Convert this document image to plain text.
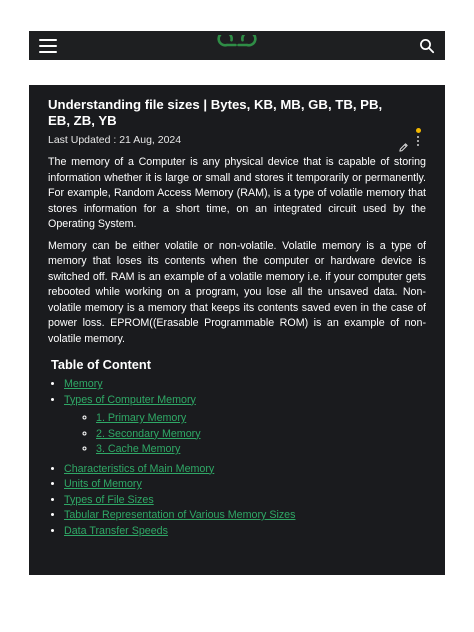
Understanding file sizes | Bytes, KB, MB, GB, TB, PB, EB, ZB, YB
Last Updated : 21 Aug, 2024

The memory of a Computer is any physical device that is capable of storing information whether it is large or small and stores it temporarily or permanently. For example, Random Access Memory (RAM), is a type of volatile memory that stores information for a short time, on an integrated circuit used by the Operating System.

Memory can be either volatile or non-volatile. Volatile memory is a type of memory that loses its contents when the computer or hardware device is switched off. RAM is an example of a volatile memory i.e. if your computer gets rebooted while working on a program, you lose all the unsaved data. Non-volatile memory is a memory that keeps its contents saved even in the case of power loss. EPROM((Erasable Programmable ROM) is an example of non-volatile memory.

Table of Content
• Memory
• Types of Computer Memory
◦ 1. Primary Memory
◦ 2. Secondary Memory
◦ 3. Cache Memory
• Characteristics of Main Memory
• Units of Memory
• Types of File Sizes
• Tabular Representation of Various Memory Sizes
• Data Transfer Speeds
